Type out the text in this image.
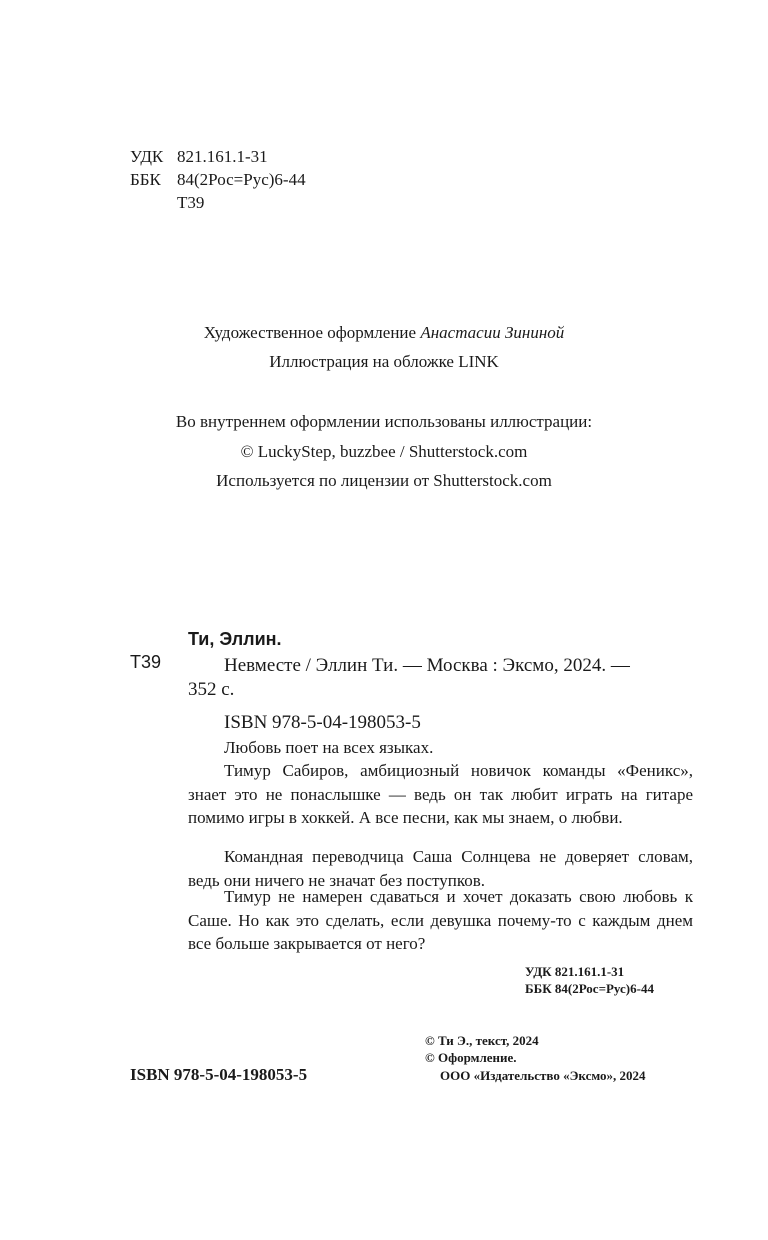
УДК 821.161.1-31
ББК 84(2Рос=Рус)6-44
Т39
Художественное оформление Анастасии Зининой
Иллюстрация на обложке LINK
Во внутреннем оформлении использованы иллюстрации:
© LuckyStep, buzzbee / Shutterstock.com
Используется по лицензии от Shutterstock.com
Т39
Ти, Эллин.
Невместе / Эллин Ти. — Москва : Эксмо, 2024. —
352 с.
ISBN 978-5-04-198053-5
Любовь поет на всех языках.
Тимур Сабиров, амбициозный новичок команды «Феникс», знает это не понаслышке — ведь он так любит играть на гитаре помимо игры в хоккей. А все песни, как мы знаем, о любви.
Командная переводчица Саша Солнцева не доверяет словам, ведь они ничего не значат без поступков.
Тимур не намерен сдаваться и хочет доказать свою любовь к Саше. Но как это сделать, если девушка почему-то с каждым днем все больше закрывается от него?
УДК 821.161.1-31
ББК 84(2Рос=Рус)6-44
ISBN 978-5-04-198053-5
© Ти Э., текст, 2024
© Оформление.
ООО «Издательство «Эксмо», 2024
